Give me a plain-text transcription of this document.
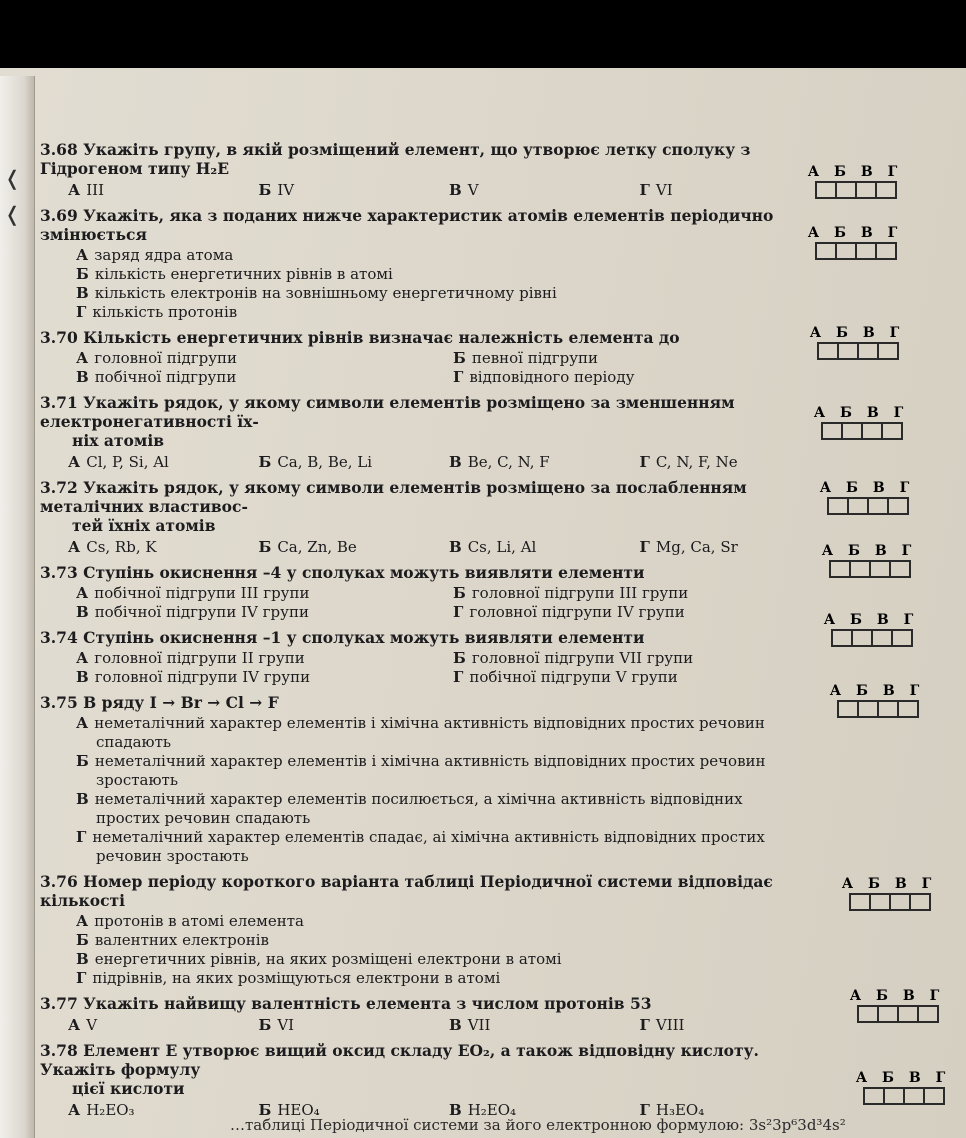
❬
❬
3.68 Укажіть групу, в якій розміщений елемент, що утворює летку сполуку з Гідрогеном типу H₂E
А III	Б IV	В V	Г VI
3.69 Укажіть, яка з поданих нижче характеристик атомів елементів періодично змінюється
А заряд ядра атома
Б кількість енергетичних рівнів в атомі
В кількість електронів на зовнішньому енергетичному рівні
Г кількість протонів
3.70 Кількість енергетичних рівнів визначає належність елемента до
А головної підгрупи	Б певної підгрупи
В побічної підгрупи	Г відповідного періоду
3.71 Укажіть рядок, у якому символи елементів розміщено за зменшенням електронегативності їх-
ніх атомів
А Cl, P, Si, Al	Б Ca, B, Be, Li	В Be, C, N, F	Г C, N, F, Ne
3.72 Укажіть рядок, у якому символи елементів розміщено за послабленням металічних властивос-
тей їхніх атомів
А Cs, Rb, K	Б Ca, Zn, Be	В Cs, Li, Al	Г Mg, Ca, Sr
3.73 Ступінь окиснення –4 у сполуках можуть виявляти елементи
А побічної підгрупи III групи	Б головної підгрупи III групи
В побічної підгрупи IV групи	Г головної підгрупи IV групи
3.74 Ступінь окиснення –1 у сполуках можуть виявляти елементи
А головної підгрупи II групи	Б головної підгрупи VII групи
В головної підгрупи IV групи	Г побічної підгрупи V групи
3.75 В ряду I → Br → Cl → F
А неметалічний характер елементів і хімічна активність відповідних простих речовин спадають
Б неметалічний характер елементів і хімічна активність відповідних простих речовин зростають
В неметалічний характер елементів посилюється, а хімічна активність відповідних простих речовин спадають
Г неметалічний характер елементів спадає, аі хімічна активність відповідних простих речовин зростають
3.76 Номер періоду короткого варіанта таблиці Періодичної системи відповідає кількості
А протонів в атомі елемента
Б валентних електронів
В енергетичних рівнів, на яких розміщені електрони в атомі
Г підрівнів, на яких розміщуються електрони в атомі
3.77 Укажіть найвищу валентність елемента з числом протонів 53
А V	Б VI	В VII	Г VIII
3.78 Елемент Е утворює вищий оксид складу EO₂, а також відповідну кислоту. Укажіть формулу
цієї кислоти
А H₂EO₃	Б HEO₄	В H₂EO₄	Г H₃EO₄
А Б В Г
А Б В Г
А Б В Г
А Б В Г
А Б В Г
А Б В Г
А Б В Г
А Б В Г
А Б В Г
А Б В Г
А Б В Г
…таблиці Періодичної системи за його електронною формулою: 3s²3p⁶3d³4s²
